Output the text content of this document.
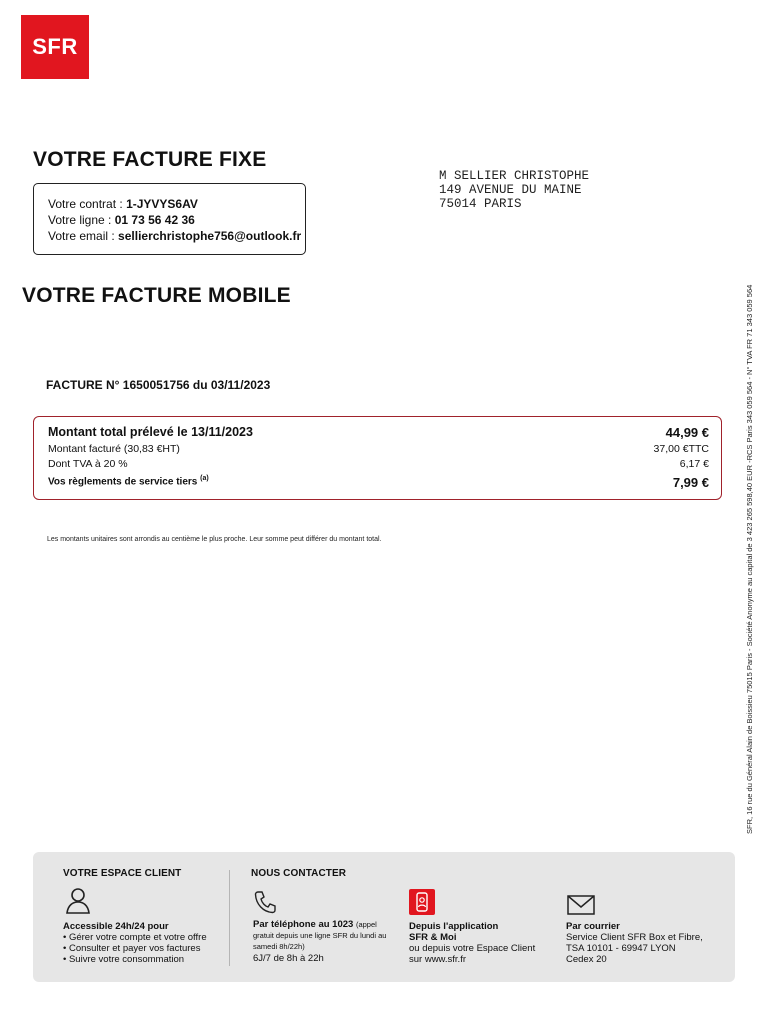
SFR
VOTRE FACTURE FIXE
Votre contrat : 1-JYVYS6AV
Votre ligne : 01 73 56 42 36
Votre email : sellierchristophe756@outlook.fr
M SELLIER CHRISTOPHE
149 AVENUE DU MAINE
75014 PARIS
VOTRE FACTURE MOBILE
FACTURE N° 1650051756 du 03/11/2023
Montant total prélevé le 13/11/2023	44,99 €
Montant facturé (30,83 €HT)	37,00 €TTC
Dont TVA à 20 %	6,17 €
Vos règlements de service tiers $^{(a)}$	7,99 €
Les montants unitaires sont arrondis au centième le plus proche. Leur somme peut différer du montant total.	SFR, 16 rue du Général Alain de Boissieu 75015 Paris - Société Anonyme au capital de 3 423 265 598,40 EUR -RCS Paris 343 059 564 - N° TVA FR 71 343 059 564
VOTRE ESPACE CLIENT
Accessible 24h/24 pour
• Gérer votre compte et votre offre
• Consulter et payer vos factures
• Suivre votre consommation
NOUS CONTACTER
Par téléphone au 1023 (appel gratuit depuis une ligne SFR du lundi au samedi 8h/22h)
6J/7 de 8h à 22h
Depuis l'application
SFR & Moi
ou depuis votre Espace Client
sur www.sfr.fr
Par courrier
Service Client SFR Box et Fibre,
TSA 10101 - 69947 LYON
Cedex 20
